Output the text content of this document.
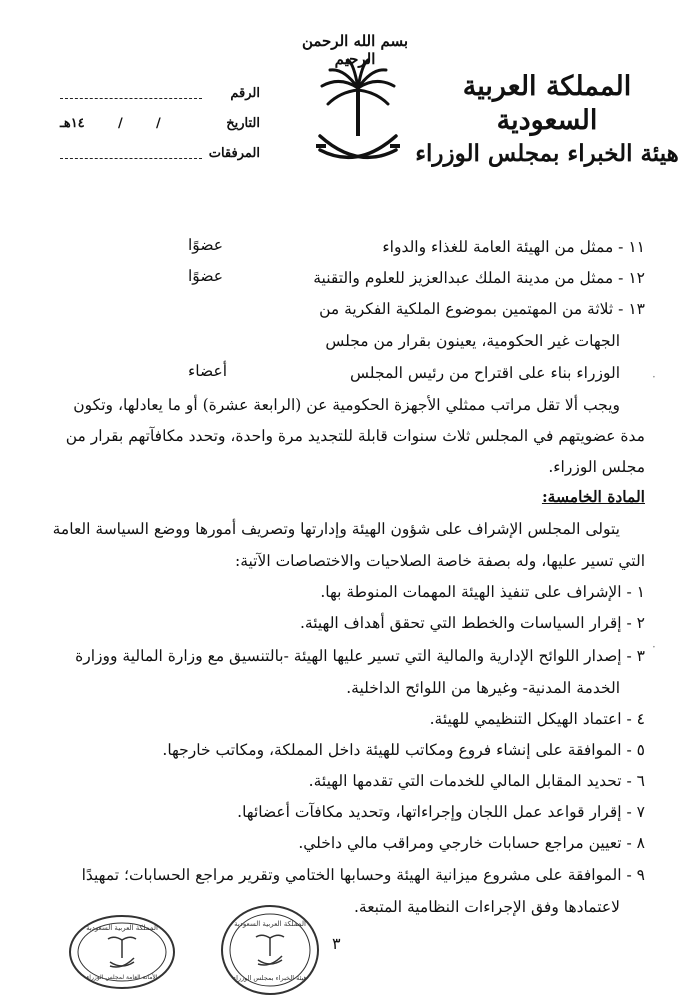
بسم الله الرحمن الرحيم
المملكة العربية السعودية
هيئة الخبراء بمجلس الوزراء
الرقم
التاريخ
/
/
١٤هـ
المرفقات
١١ - ممثل من الهيئة العامة للغذاء والدواء
عضوًا
١٢ - ممثل من مدينة الملك عبدالعزيز للعلوم والتقنية
عضوًا
١٣ - ثلاثة من المهتمين بموضوع الملكية الفكرية من
الجهات غير الحكومية، يعينون بقرار من مجلس
الوزراء بناء على اقتراح من رئيس المجلس
أعضاء
ويجب ألا تقل مراتب ممثلي الأجهزة الحكومية عن (الرابعة عشرة) أو ما يعادلها، وتكون
مدة عضويتهم في المجلس ثلاث سنوات قابلة للتجديد مرة واحدة، وتحدد مكافآتهم بقرار من
مجلس الوزراء.
المادة الخامسة:
يتولى المجلس الإشراف على شؤون الهيئة وإدارتها وتصريف أمورها ووضع السياسة العامة
التي تسير عليها، وله بصفة خاصة الصلاحيات والاختصاصات الآتية:
١ - الإشراف على تنفيذ الهيئة المهمات المنوطة بها.
٢ - إقرار السياسات والخطط التي تحقق أهداف الهيئة.
٣ - إصدار اللوائح الإدارية والمالية التي تسير عليها الهيئة -بالتنسيق مع وزارة المالية ووزارة
الخدمة المدنية- وغيرها من اللوائح الداخلية.
٤ - اعتماد الهيكل التنظيمي للهيئة.
٥ - الموافقة على إنشاء فروع ومكاتب للهيئة داخل المملكة، ومكاتب خارجها.
٦ - تحديد المقابل المالي للخدمات التي تقدمها الهيئة.
٧ - إقرار قواعد عمل اللجان وإجراءاتها، وتحديد مكافآت أعضائها.
٨ - تعيين مراجع حسابات خارجي ومراقب مالي داخلي.
٩ - الموافقة على مشروع ميزانية الهيئة وحسابها الختامي وتقرير مراجع الحسابات؛ تمهيدًا
لاعتمادها وفق الإجراءات النظامية المتبعة.
٣
·
·
المملكة العربية السعودية
الأمانة العامة لمجلس الوزراء
المملكة العربية السعودية
هيئة الخبراء بمجلس الوزراء
